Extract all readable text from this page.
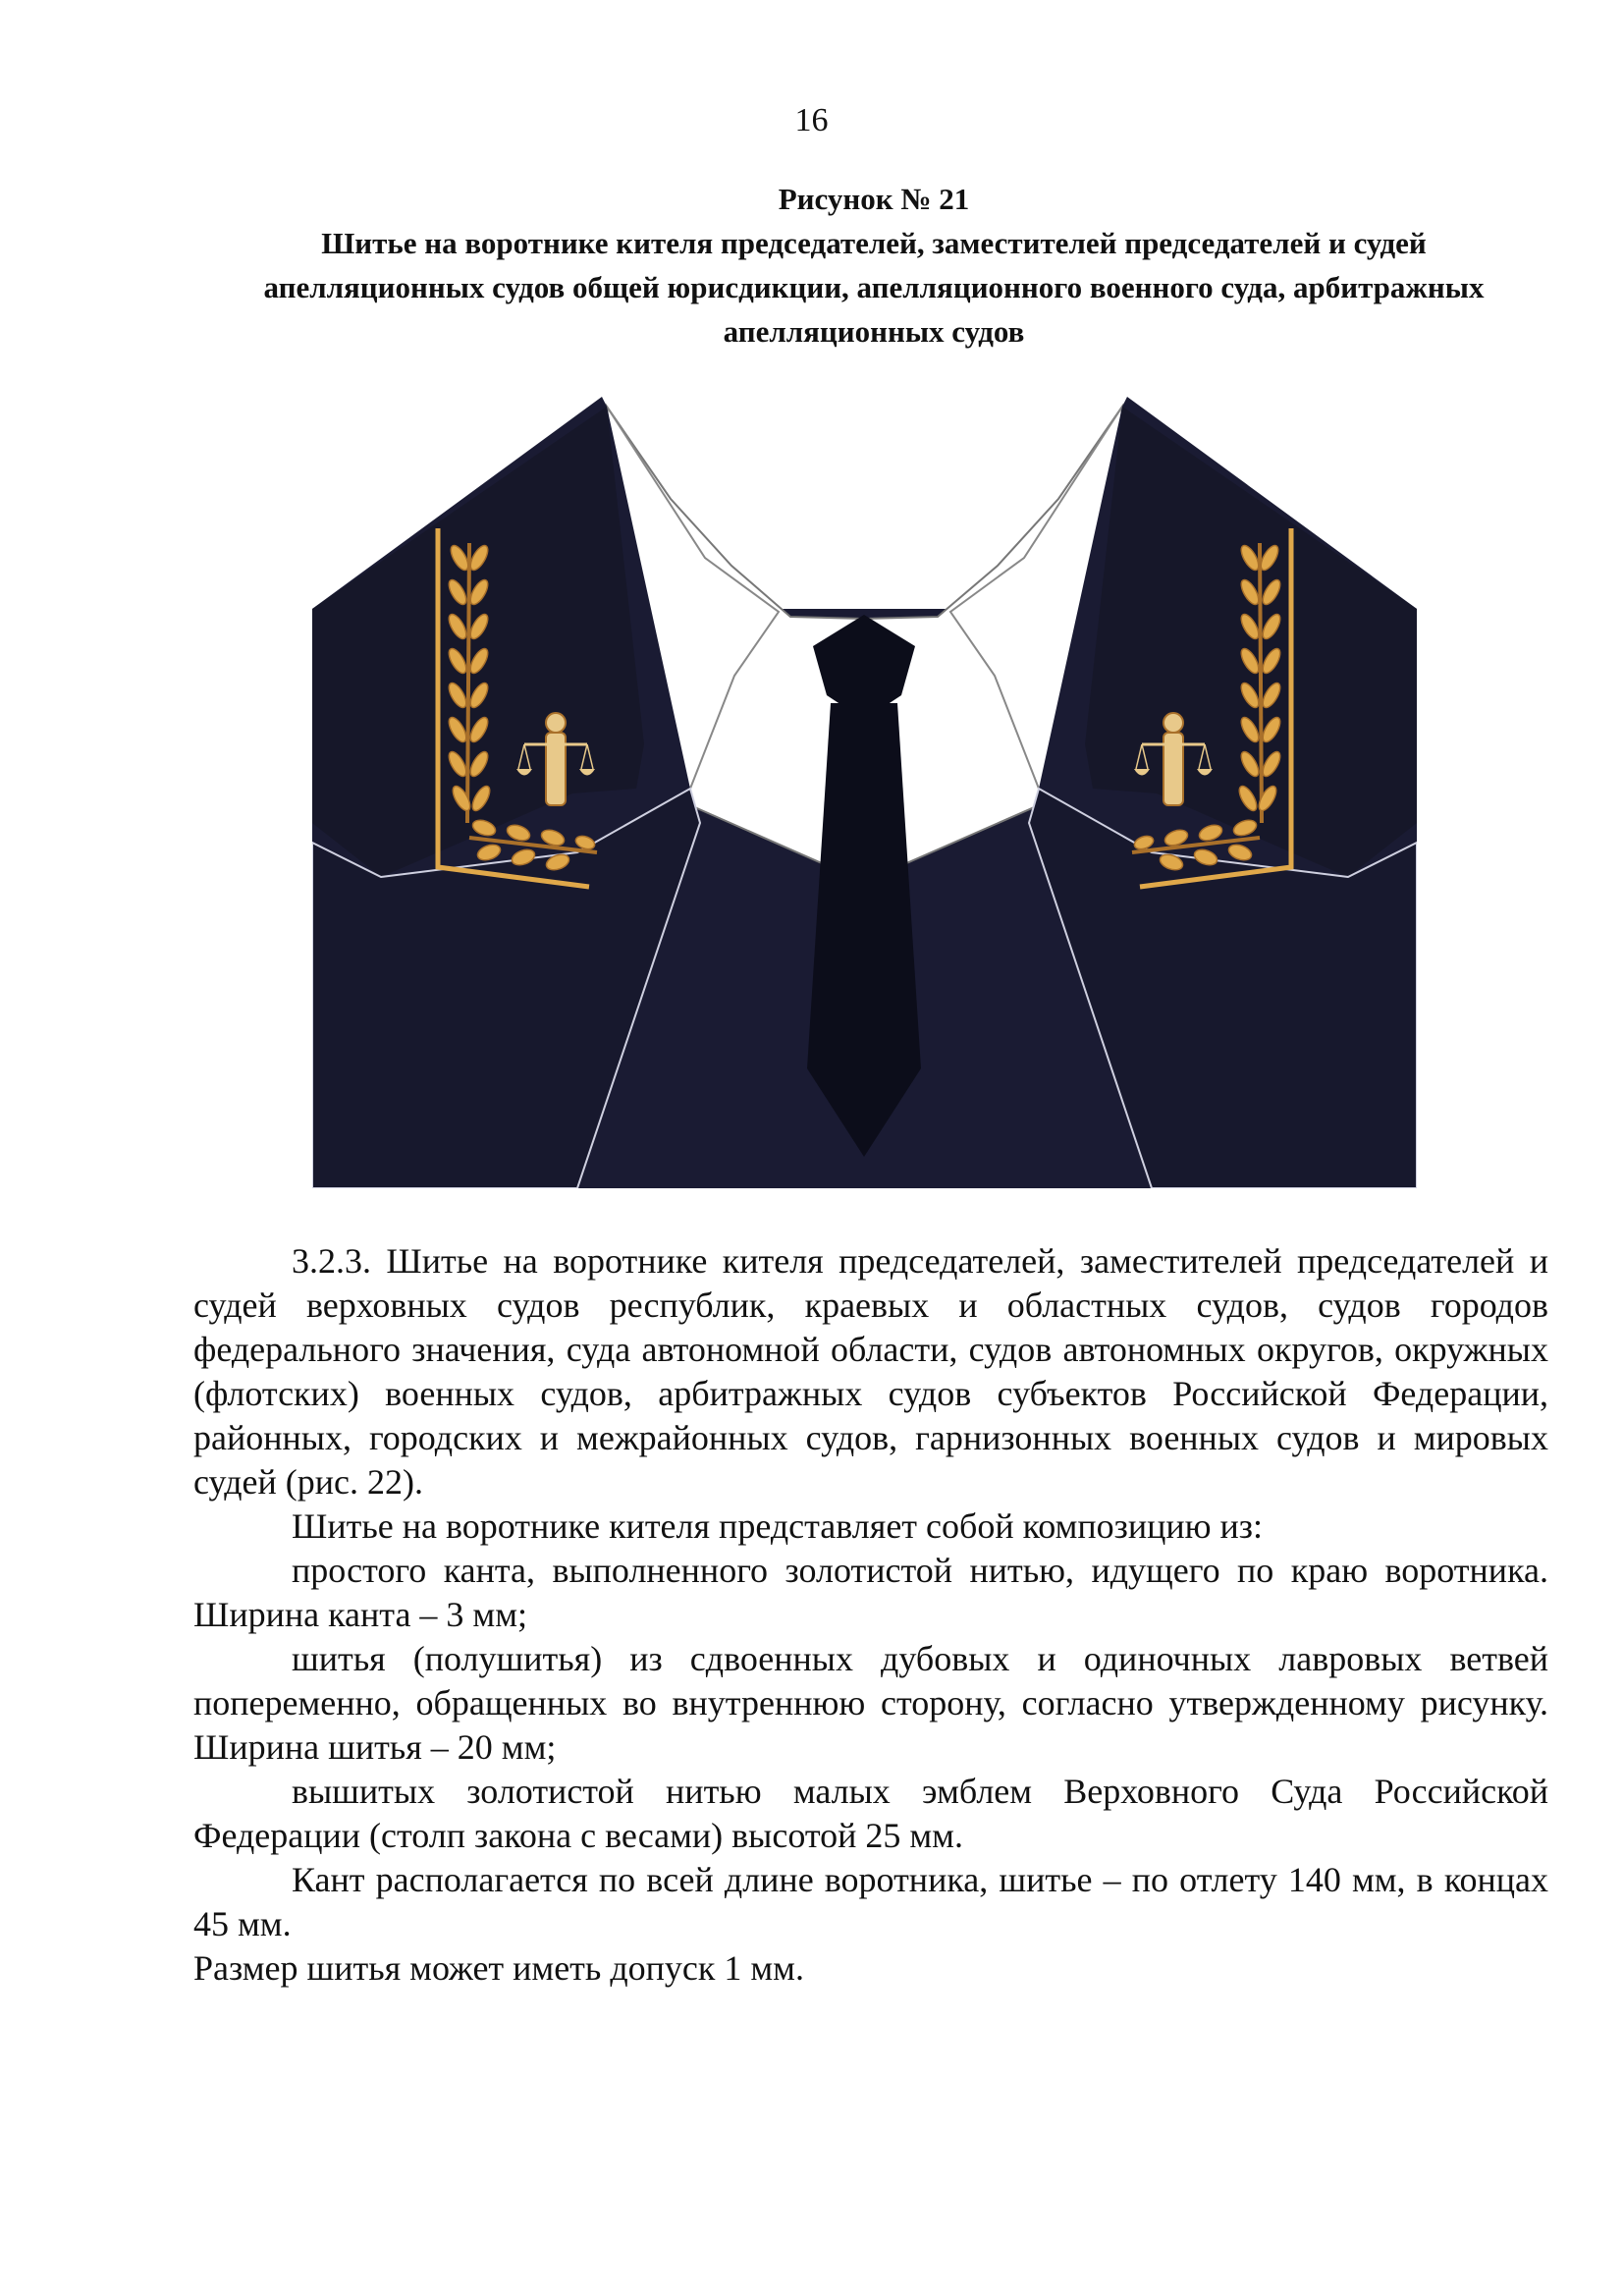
16
Рисунок № 21
Шитье на воротнике кителя председателей, заместителей председателей и судей
апелляционных судов общей юрисдикции, апелляционного военного суда, арбитражных
апелляционных судов

3.2.3. Шитье на воротнике кителя председателей, заместителей председателей и судей верховных судов республик, краевых и областных судов, судов городов федерального значения, суда автономной области, судов автономных округов, окружных (флотских) военных судов, арбитражных судов субъектов Российской Федерации, районных, городских и межрайонных судов, гарнизонных военных судов и мировых судей (рис. 22).

Шитье на воротнике кителя представляет собой композицию из:

простого канта, выполненного золотистой нитью, идущего по краю воротника. Ширина канта – 3 мм;

шитья (полушитья) из сдвоенных дубовых и одиночных лавровых ветвей попеременно, обращенных во внутреннюю сторону, согласно утвержденному рисунку. Ширина шитья – 20 мм;

вышитых золотистой нитью малых эмблем Верховного Суда Российской Федерации (столп закона с весами) высотой 25 мм.

Кант располагается по всей длине воротника, шитье – по отлету 140 мм, в концах 45 мм.

Размер шитья может иметь допуск 1 мм.
